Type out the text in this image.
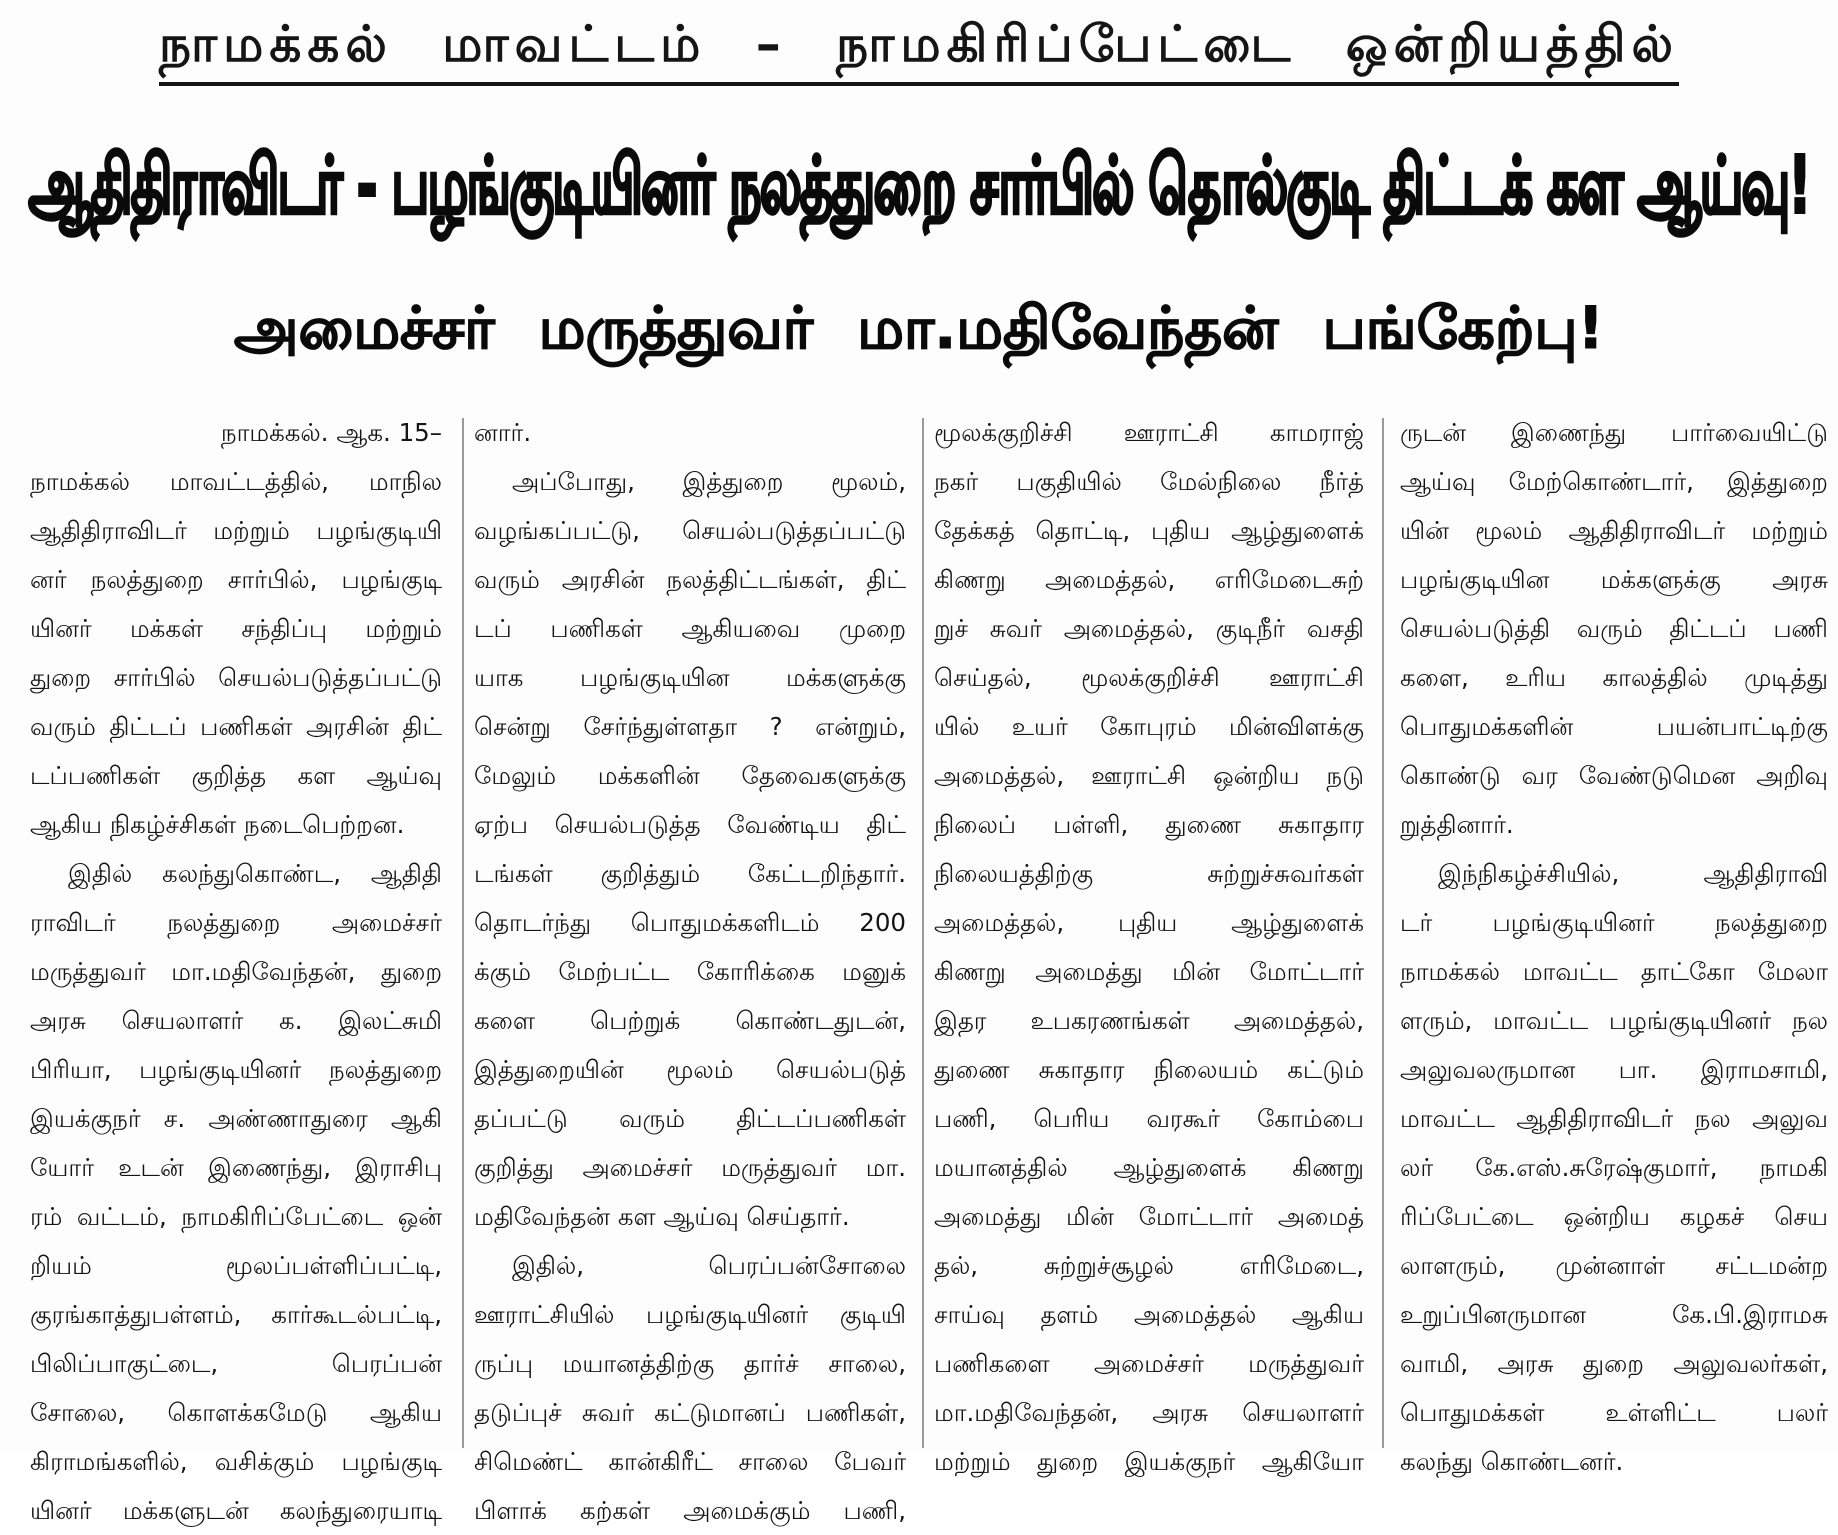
நாமக்கல் மாவட்டம் – நாமகிரிப்பேட்டை ஒன்றியத்தில்
ஆதிதிராவிடர் - பழங்குடியினர் நலத்துறை சார்பில் தொல்குடி திட்டக் கள ஆய்வு!
அமைச்சர் மருத்துவர் மா.மதிவேந்தன் பங்கேற்பு!
நாமக்கல். ஆக. 15–
நாமக்கல் மாவட்டத்தில், மாநில
ஆதிதிராவிடர் மற்றும் பழங்குடியி
னர் நலத்துறை சார்பில், பழங்குடி
யினர் மக்கள் சந்திப்பு மற்றும்
துறை சார்பில் செயல்படுத்தப்பட்டு
வரும் திட்டப் பணிகள் அரசின் திட்
டப்பணிகள் குறித்த கள ஆய்வு
ஆகிய நிகழ்ச்சிகள் நடைபெற்றன.
இதில் கலந்துகொண்ட, ஆதிதி
ராவிடர் நலத்துறை அமைச்சர்
மருத்துவர் மா.மதிவேந்தன், துறை
அரசு செயலாளர் க. இலட்சுமி
பிரியா, பழங்குடியினர் நலத்துறை
இயக்குநர் ச. அண்ணாதுரை ஆகி
யோர் உடன் இணைந்து, இராசிபு
ரம் வட்டம், நாமகிரிப்பேட்டை ஒன்
றியம் மூலப்பள்ளிப்பட்டி,
குரங்காத்துபள்ளம், கார்கூடல்பட்டி,
பிலிப்பாகுட்டை, பெரப்பன்
சோலை, கொளக்கமேடு ஆகிய
கிராமங்களில், வசிக்கும் பழங்குடி
யினர் மக்களுடன் கலந்துரையாடி
னார்.
அப்போது, இத்துறை மூலம்,
வழங்கப்பட்டு, செயல்படுத்தப்பட்டு
வரும் அரசின் நலத்திட்டங்கள், திட்
டப் பணிகள் ஆகியவை முறை
யாக பழங்குடியின மக்களுக்கு
சென்று சேர்ந்துள்ளதா ? என்றும்,
மேலும் மக்களின் தேவைகளுக்கு
ஏற்ப செயல்படுத்த வேண்டிய திட்
டங்கள் குறித்தும் கேட்டறிந்தார்.
தொடர்ந்து பொதுமக்களிடம் 200
க்கும் மேற்பட்ட கோரிக்கை மனுக்
களை பெற்றுக் கொண்டதுடன்,
இத்துறையின் மூலம் செயல்படுத்
தப்பட்டு வரும் திட்டப்பணிகள்
குறித்து அமைச்சர் மருத்துவர் மா.
மதிவேந்தன் கள ஆய்வு செய்தார்.
இதில், பெரப்பன்சோலை
ஊராட்சியில் பழங்குடியினர் குடியி
ருப்பு மயானத்திற்கு தார்ச் சாலை,
தடுப்புச் சுவர் கட்டுமானப் பணிகள்,
சிமெண்ட் கான்கிரீட் சாலை பேவர்
பிளாக் கற்கள் அமைக்கும் பணி,
மூலக்குறிச்சி ஊராட்சி காமராஜ்
நகர் பகுதியில் மேல்நிலை நீர்த்
தேக்கத் தொட்டி, புதிய ஆழ்துளைக்
கிணறு அமைத்தல், எரிமேடைசுற்
றுச் சுவர் அமைத்தல், குடிநீர் வசதி
செய்தல், மூலக்குறிச்சி ஊராட்சி
யில் உயர் கோபுரம் மின்விளக்கு
அமைத்தல், ஊராட்சி ஒன்றிய நடு
நிலைப் பள்ளி, துணை சுகாதார
நிலையத்திற்கு சுற்றுச்சுவர்கள்
அமைத்தல், புதிய ஆழ்துளைக்
கிணறு அமைத்து மின் மோட்டார்
இதர உபகரணங்கள் அமைத்தல்,
துணை சுகாதார நிலையம் கட்டும்
பணி, பெரிய வரகூர் கோம்பை
மயானத்தில் ஆழ்துளைக் கிணறு
அமைத்து மின் மோட்டார் அமைத்
தல், சுற்றுச்சூழல் எரிமேடை,
சாய்வு தளம் அமைத்தல் ஆகிய
பணிகளை அமைச்சர் மருத்துவர்
மா.மதிவேந்தன், அரசு செயலாளர்
மற்றும் துறை இயக்குநர் ஆகியோ
ருடன் இணைந்து பார்வையிட்டு
ஆய்வு மேற்கொண்டார், இத்துறை
யின் மூலம் ஆதிதிராவிடர் மற்றும்
பழங்குடியின மக்களுக்கு அரசு
செயல்படுத்தி வரும் திட்டப் பணி
களை, உரிய காலத்தில் முடித்து
பொதுமக்களின் பயன்பாட்டிற்கு
கொண்டு வர வேண்டுமென அறிவு
றுத்தினார்.
இந்நிகழ்ச்சியில், ஆதிதிராவி
டர் பழங்குடியினர் நலத்துறை
நாமக்கல் மாவட்ட தாட்கோ மேலா
ளரும், மாவட்ட பழங்குடியினர் நல
அலுவலருமான பா. இராமசாமி,
மாவட்ட ஆதிதிராவிடர் நல அலுவ
லர் கே.எஸ்.சுரேஷ்குமார், நாமகி
ரிப்பேட்டை ஒன்றிய கழகச் செய
லாளரும், முன்னாள் சட்டமன்ற
உறுப்பினருமான கே.பி.இராமசு
வாமி, அரசு துறை அலுவலர்கள்,
பொதுமக்கள் உள்ளிட்ட பலர்
கலந்து கொண்டனர்.
